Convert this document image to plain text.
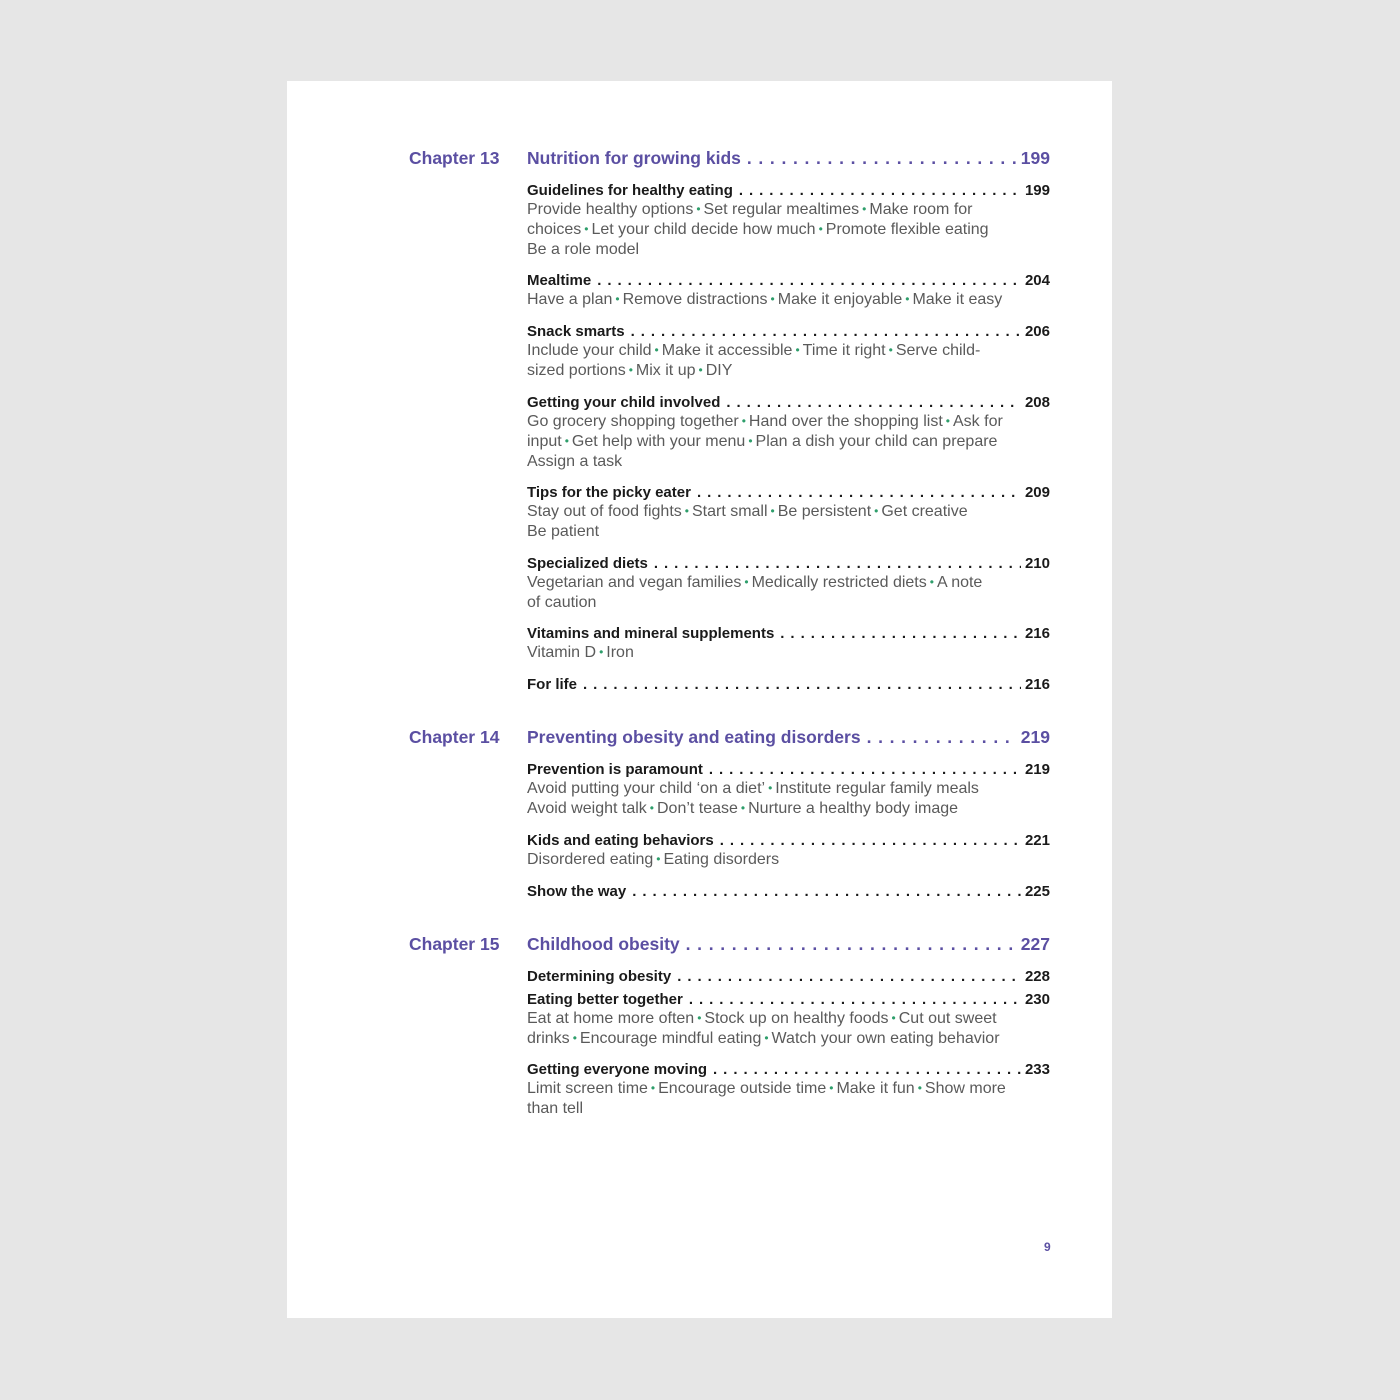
Chapter 13 Nutrition for growing kids . . .	199
Guidelines for healthy eating . . .	199
Provide healthy options • Set regular mealtimes • Make room for
choices • Let your child decide how much • Promote flexible eating
Be a role model
Mealtime . . .	204
Have a plan • Remove distractions • Make it enjoyable • Make it easy
Snack smarts . . .	206
Include your child • Make it accessible • Time it right • Serve child-
sized portions • Mix it up • DIY
Getting your child involved . . .	208
Go grocery shopping together • Hand over the shopping list • Ask for
input • Get help with your menu • Plan a dish your child can prepare
Assign a task
Tips for the picky eater . . .	209
Stay out of food fights • Start small • Be persistent • Get creative
Be patient
Specialized diets . . .	210
Vegetarian and vegan families • Medically restricted diets • A note
of caution
Vitamins and mineral supplements . . .	216
Vitamin D • Iron
For life . . .	216
Chapter 14 Preventing obesity and eating disorders . . .	219
Prevention is paramount . . .	219
Avoid putting your child ‘on a diet’ • Institute regular family meals
Avoid weight talk • Don’t tease • Nurture a healthy body image
Kids and eating behaviors . . .	221
Disordered eating • Eating disorders
Show the way . . .	225
Chapter 15 Childhood obesity . . .	227
Determining obesity . . .	228
Eating better together . . .	230
Eat at home more often • Stock up on healthy foods • Cut out sweet
drinks • Encourage mindful eating • Watch your own eating behavior
Getting everyone moving . . .	233
Limit screen time • Encourage outside time • Make it fun • Show more
than tell
9
